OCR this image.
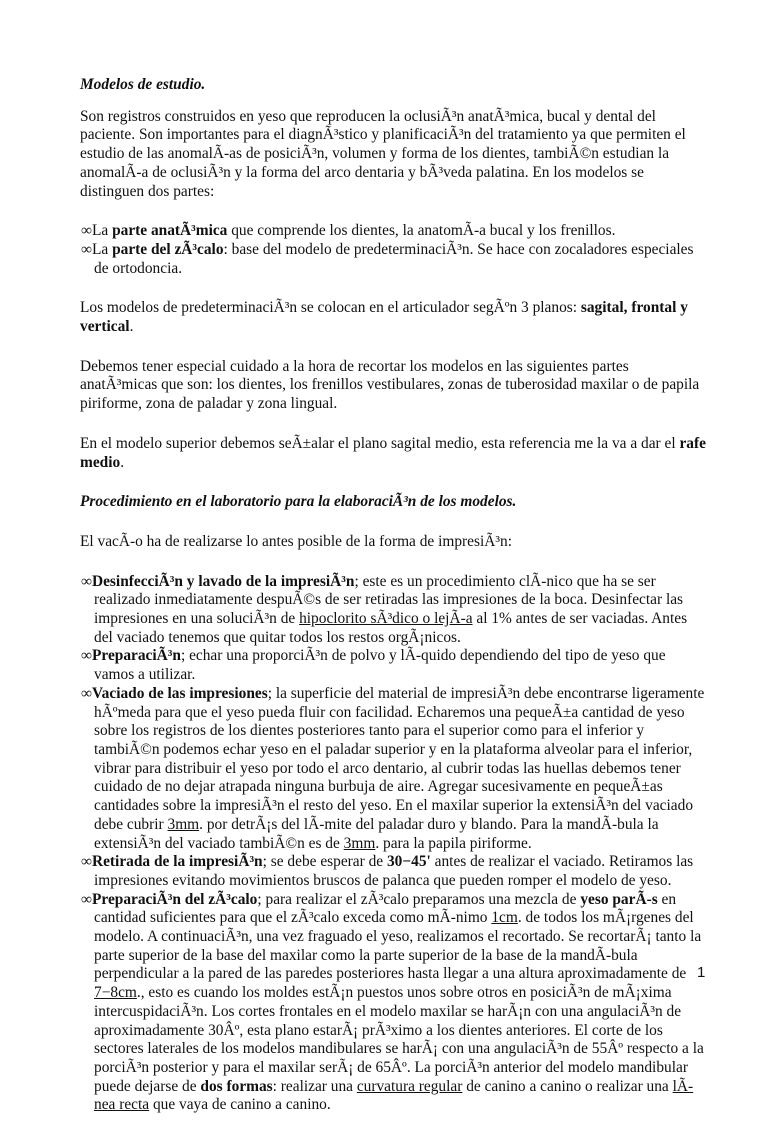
Modelos de estudio.
Son registros construidos en yeso que reproducen la oclusiÃ³n anatÃ³mica, bucal y dental del paciente. Son importantes para el diagnÃ³stico y planificaciÃ³n del tratamiento ya que permiten el estudio de las anomalÃ-as de posiciÃ³n, volumen y forma de los dientes, tambiÃ©n estudian la anomalÃ-a de oclusiÃ³n y la forma del arco dentaria y bÃ³veda palatina. En los modelos se distinguen dos partes:
∞La parte anatÃ³mica que comprende los dientes, la anatomÃ-a bucal y los frenillos.
∞La parte del zÃ³calo: base del modelo de predeterminaciÃ³n. Se hace con zocaladores especiales de ortodoncia.
Los modelos de predeterminaciÃ³n se colocan en el articulador segÃºn 3 planos: sagital, frontal y vertical.
Debemos tener especial cuidado a la hora de recortar los modelos en las siguientes partes anatÃ³micas que son: los dientes, los frenillos vestibulares, zonas de tuberosidad maxilar o de papila piriforme, zona de paladar y zona lingual.
En el modelo superior debemos seÃ±alar el plano sagital medio, esta referencia me la va a dar el rafe medio.
Procedimiento en el laboratorio para la elaboraciÃ³n de los modelos.
El vacÃ-o ha de realizarse lo antes posible de la forma de impresiÃ³n:
∞DesinfecciÃ³n y lavado de la impresiÃ³n; este es un procedimiento clÃ-nico que ha se ser realizado inmediatamente despuÃ©s de ser retiradas las impresiones de la boca. Desinfectar las impresiones en una soluciÃ³n de hipoclorito sÃ³dico o lejÃ-a al 1% antes de ser vaciadas. Antes del vaciado tenemos que quitar todos los restos orgÃ¡nicos.
∞PreparaciÃ³n; echar una proporciÃ³n de polvo y lÃ-quido dependiendo del tipo de yeso que vamos a utilizar.
∞Vaciado de las impresiones; la superficie del material de impresiÃ³n debe encontrarse ligeramente hÃºmeda para que el yeso pueda fluir con facilidad. Echaremos una pequeÃ±a cantidad de yeso sobre los registros de los dientes posteriores tanto para el superior como para el inferior y tambiÃ©n podemos echar yeso en el paladar superior y en la plataforma alveolar para el inferior, vibrar para distribuir el yeso por todo el arco dentario, al cubrir todas las huellas debemos tener cuidado de no dejar atrapada ninguna burbuja de aire. Agregar sucesivamente en pequeÃ±as cantidades sobre la impresiÃ³n el resto del yeso. En el maxilar superior la extensiÃ³n del vaciado debe cubrir 3mm. por detrÃ¡s del lÃ-mite del paladar duro y blando. Para la mandÃ-bula la extensiÃ³n del vaciado tambiÃ©n es de 3mm. para la papila piriforme.
∞Retirada de la impresiÃ³n; se debe esperar de 30−45' antes de realizar el vaciado. Retiramos las impresiones evitando movimientos bruscos de palanca que pueden romper el modelo de yeso.
∞PreparaciÃ³n del zÃ³calo; para realizar el zÃ³calo preparamos una mezcla de yeso parÃ-s en cantidad suficientes para que el zÃ³calo exceda como mÃ-nimo 1cm. de todos los mÃ¡rgenes del modelo. A continuaciÃ³n, una vez fraguado el yeso, realizamos el recortado. Se recortarÃ¡ tanto la parte superior de la base del maxilar como la parte superior de la base de la mandÃ-bula perpendicular a la pared de las paredes posteriores hasta llegar a una altura aproximadamente de 7−8cm., esto es cuando los moldes estÃ¡n puestos unos sobre otros en posiciÃ³n de mÃ¡xima intercuspidaciÃ³n. Los cortes frontales en el modelo maxilar se harÃ¡n con una angulaciÃ³n de aproximadamente 30Âº, esta plano estarÃ¡ prÃ³ximo a los dientes anteriores. El corte de los sectores laterales de los modelos mandibulares se harÃ¡ con una angulaciÃ³n de 55Âº respecto a la porciÃ³n posterior y para el maxilar serÃ¡ de 65Âº. La porciÃ³n anterior del modelo mandibular puede dejarse de dos formas: realizar una curvatura regular de canino a canino o realizar una lÃ-nea recta que vaya de canino a canino.
1
